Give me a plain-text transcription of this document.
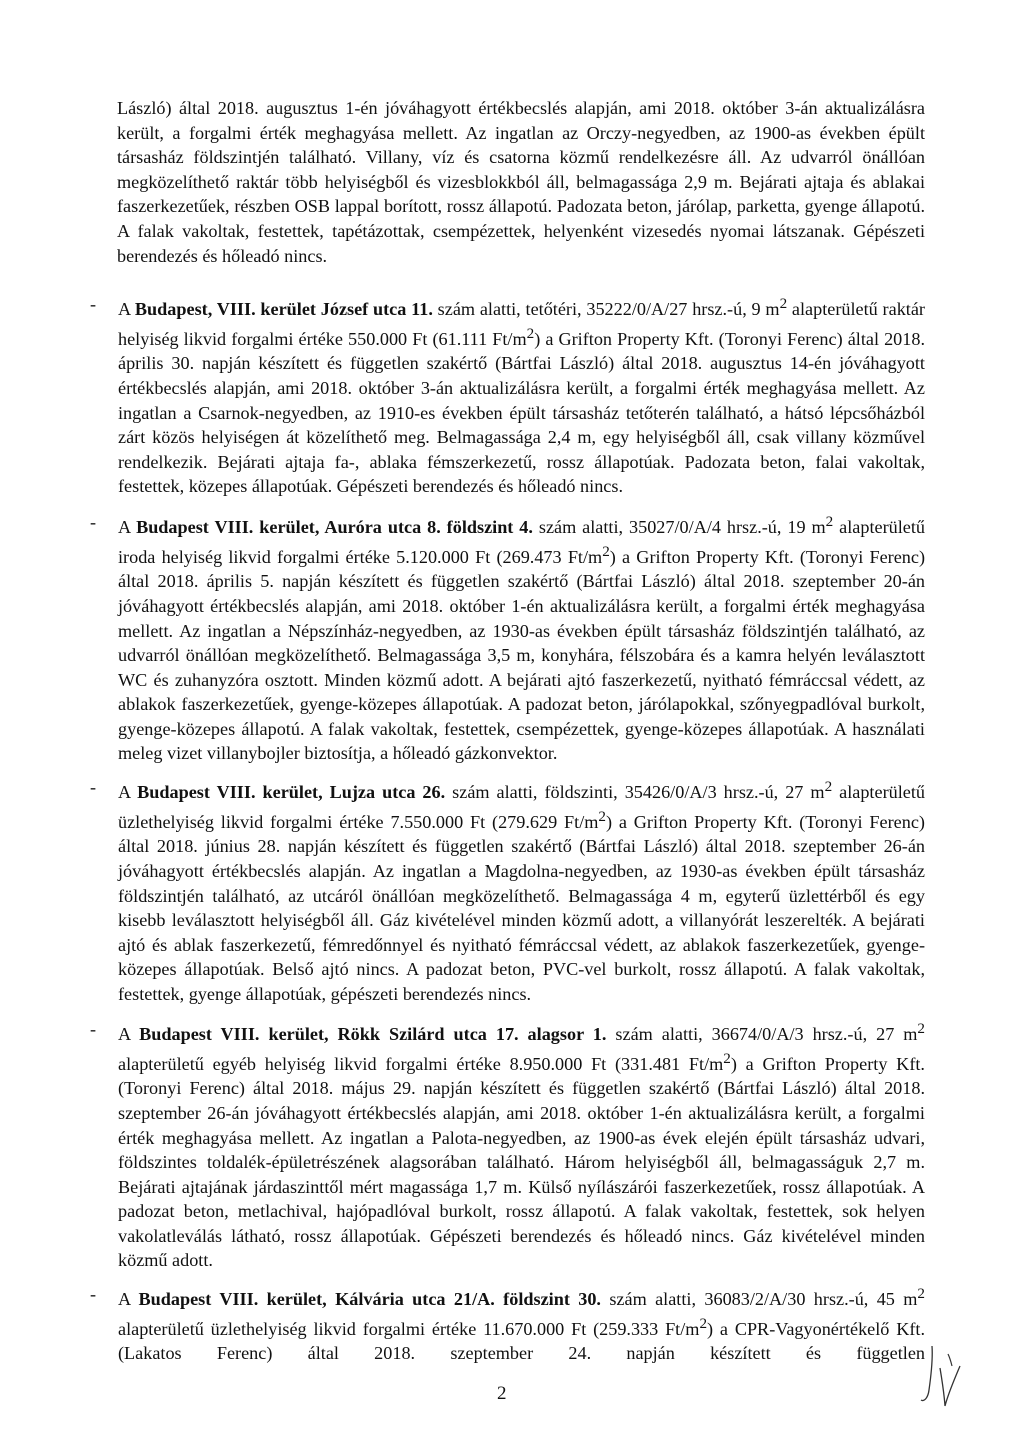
László) által 2018. augusztus 1-én jóváhagyott értékbecslés alapján, ami 2018. október 3-án aktualizálásra került, a forgalmi érték meghagyása mellett. Az ingatlan az Orczy-negyedben, az 1900-as években épült társasház földszintjén található. Villany, víz és csatorna közmű rendelkezésre áll. Az udvarról önállóan megközelíthető raktár több helyiségből és vizesblokkból áll, belmagassága 2,9 m. Bejárati ajtaja és ablakai faszerkezetűek, részben OSB lappal borított, rossz állapotú. Padozata beton, járólap, parketta, gyenge állapotú. A falak vakoltak, festettek, tapétázottak, csempézettek, helyenként vizesedés nyomai látszanak. Gépészeti berendezés és hőleadó nincs.

-	A Budapest, VIII. kerület József utca 11. szám alatti, tetőtéri, 35222/0/A/27 hrsz.-ú, 9 $m^2$ alapterületű raktár helyiség likvid forgalmi értéke 550.000 Ft (61.111 $Ft/m^2$) a Grifton Property Kft. (Toronyi Ferenc) által 2018. április 30. napján készített és független szakértő (Bártfai László) által 2018. augusztus 14-én jóváhagyott értékbecslés alapján, ami 2018. október 3-án aktualizálásra került, a forgalmi érték meghagyása mellett. Az ingatlan a Csarnok-negyedben, az 1910-es években épült társasház tetőterén található, a hátsó lépcsőházból zárt közös helyiségen át közelíthető meg. Belmagassága 2,4 m, egy helyiségből áll, csak villany közművel rendelkezik. Bejárati ajtaja fa-, ablaka fémszerkezetű, rossz állapotúak. Padozata beton, falai vakoltak, festettek, közepes állapotúak. Gépészeti berendezés és hőleadó nincs.
-	A Budapest VIII. kerület, Auróra utca 8. földszint 4. szám alatti, 35027/0/A/4 hrsz.-ú, 19 $m^2$ alapterületű iroda helyiség likvid forgalmi értéke 5.120.000 Ft (269.473 $Ft/m^2$) a Grifton Property Kft. (Toronyi Ferenc) által 2018. április 5. napján készített és független szakértő (Bártfai László) által 2018. szeptember 20-án jóváhagyott értékbecslés alapján, ami 2018. október 1-én aktualizálásra került, a forgalmi érték meghagyása mellett. Az ingatlan a Népszínház-negyedben, az 1930-as években épült társasház földszintjén található, az udvarról önállóan megközelíthető. Belmagassága 3,5 m, konyhára, félszobára és a kamra helyén leválasztott WC és zuhanyzóra osztott. Minden közmű adott. A bejárati ajtó faszerkezetű, nyitható fémráccsal védett, az ablakok faszerkezetűek, gyenge-közepes állapotúak. A padozat beton, járólapokkal, szőnyegpadlóval burkolt, gyenge-közepes állapotú. A falak vakoltak, festettek, csempézettek, gyenge-közepes állapotúak. A használati meleg vizet villanybojler biztosítja, a hőleadó gázkonvektor.
-	A Budapest VIII. kerület, Lujza utca 26. szám alatti, földszinti, 35426/0/A/3 hrsz.-ú, 27 $m^2$ alapterületű üzlethelyiség likvid forgalmi értéke 7.550.000 Ft (279.629 $Ft/m^2$) a Grifton Property Kft. (Toronyi Ferenc) által 2018. június 28. napján készített és független szakértő (Bártfai László) által 2018. szeptember 26-án jóváhagyott értékbecslés alapján. Az ingatlan a Magdolna-negyedben, az 1930-as években épült társasház földszintjén található, az utcáról önállóan megközelíthető. Belmagassága 4 m, egyterű üzlettérből és egy kisebb leválasztott helyiségből áll. Gáz kivételével minden közmű adott, a villanyórát leszerelték. A bejárati ajtó és ablak faszerkezetű, fémredőnnyel és nyitható fémráccsal védett, az ablakok faszerkezetűek, gyenge-közepes állapotúak. Belső ajtó nincs. A padozat beton, PVC-vel burkolt, rossz állapotú. A falak vakoltak, festettek, gyenge állapotúak, gépészeti berendezés nincs.
-	A Budapest VIII. kerület, Rökk Szilárd utca 17. alagsor 1. szám alatti, 36674/0/A/3 hrsz.-ú, 27 $m^2$ alapterületű egyéb helyiség likvid forgalmi értéke 8.950.000 Ft (331.481 $Ft/m^2$) a Grifton Property Kft. (Toronyi Ferenc) által 2018. május 29. napján készített és független szakértő (Bártfai László) által 2018. szeptember 26-án jóváhagyott értékbecslés alapján, ami 2018. október 1-én aktualizálásra került, a forgalmi érték meghagyása mellett. Az ingatlan a Palota-negyedben, az 1900-as évek elején épült társasház udvari, földszintes toldalék-épületrészének alagsorában található. Három helyiségből áll, belmagasságuk 2,7 m. Bejárati ajtajának járdaszinttől mért magassága 1,7 m. Külső nyílászárói faszerkezetűek, rossz állapotúak. A padozat beton, metlachival, hajópadlóval burkolt, rossz állapotú. A falak vakoltak, festettek, sok helyen vakolatleválás látható, rossz állapotúak. Gépészeti berendezés és hőleadó nincs. Gáz kivételével minden közmű adott.
-	A Budapest VIII. kerület, Kálvária utca 21/A. földszint 30. szám alatti, 36083/2/A/30 hrsz.-ú, 45 $m^2$ alapterületű üzlethelyiség likvid forgalmi értéke 11.670.000 Ft (259.333 $Ft/m^2$) a CPR-Vagyonértékelő Kft. (Lakatos Ferenc) által 2018. szeptember 24. napján készített és független
2
